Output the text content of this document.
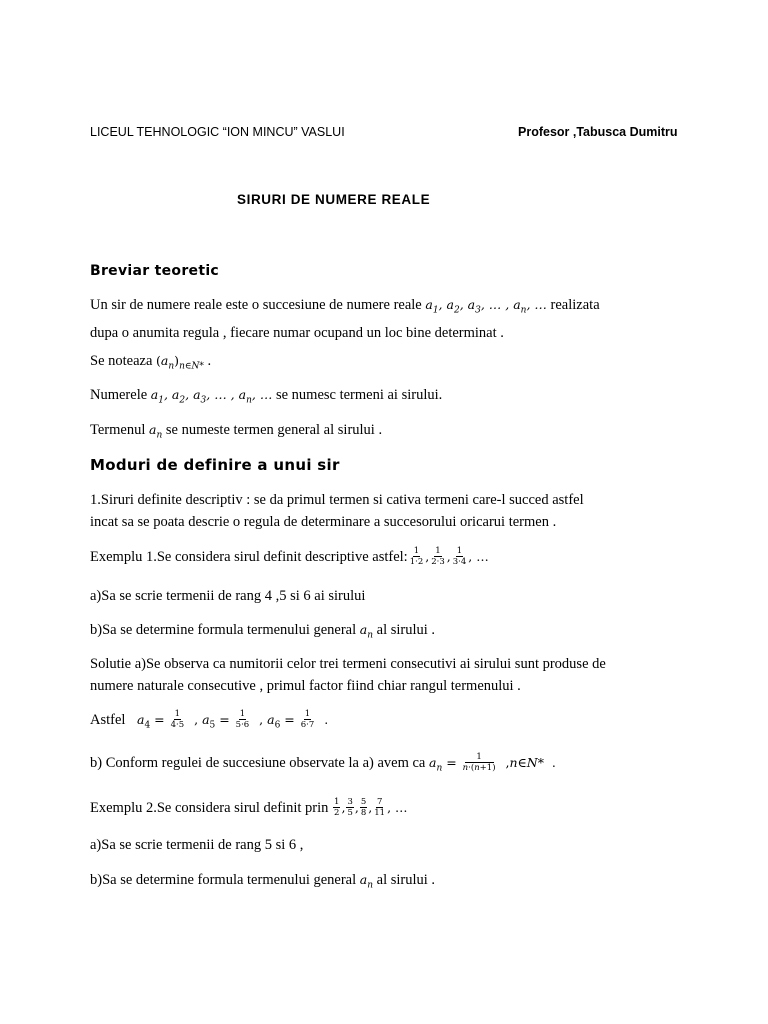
LICEUL TEHNOLOGIC “ION MINCU” VASLUI	Profesor ,Tabusca Dumitru
SIRURI DE NUMERE REALE
Breviar teoretic
Un sir de numere reale este o succesiune de numere reale $a_1$, $a_2$, $a_3$, … , $a_n$, … realizata
dupa o anumita regula , fiecare numar ocupand un loc bine determinat .
Se noteaza $(a_n)_{n\in N*}$ .
Numerele $a_1$, $a_2$, $a_3$, … , $a_n$, … se numesc termeni ai sirului.
Termenul $a_n$ se numeste termen general al sirului .
Moduri de definire a unui sir
1.Siruri definite descriptiv : se da primul termen si cativa termeni care-l succed astfel
incat sa se poata descrie o regula de determinare a succesorului oricarui termen .
Exemplu 1.Se considera sirul definit descriptive astfel: $\frac{1}{1\cdot 2}$ , $\frac{1}{2\cdot 3}$ , $\frac{1}{3\cdot 4}$ , …
a)Sa se scrie termenii de rang 4 ,5 si 6 ai sirului
b)Sa se determine formula termenului general $a_n$ al sirului .
Solutie a)Se observa ca numitorii celor trei termeni consecutivi ai sirului sunt produse de
numere naturale consecutive , primul factor fiind chiar rangul termenului .
Astfel $a_4 = \frac{1}{4\cdot 5}$ , $a_5 = \frac{1}{5\cdot 6}$ , $a_6 = \frac{1}{6\cdot 7}$ .
b) Conform regulei de succesiune observate la a) avem ca $a_n = \frac{1}{n\cdot(n+1)}$ ,n∈N*  .
Exemplu 2.Se considera sirul definit prin $\frac{1}{2}$ , $\frac{3}{5}$ , $\frac{5}{8}$ , $\frac{7}{11}$ , …
a)Sa se scrie termenii de rang 5 si 6 ,
b)Sa se determine formula termenului general $a_n$ al sirului .
